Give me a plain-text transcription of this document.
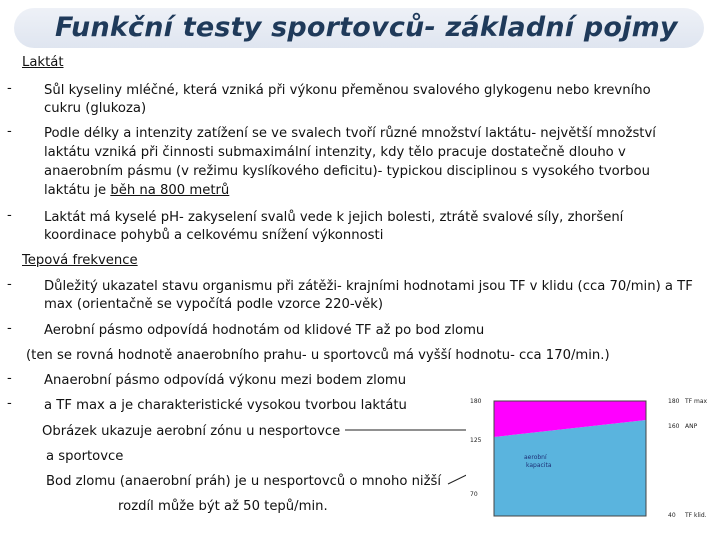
Funkční testy sportovců- základní pojmy
Laktát
- Sůl kyseliny mléčné, která vzniká při výkonu přeměnou svalového glykogenu nebo krevního
cukru (glukoza)
- Podle délky a intenzity zatížení se ve svalech tvoří různé množství laktátu- největší množství
laktátu vzniká při činnosti submaximální intenzity, kdy tělo pracuje dostatečně dlouho v
anaerobním pásmu (v režimu kyslíkového deficitu)- typickou disciplinou s vysokého tvorbou
laktátu je běh na 800 metrů
- Laktát má kyselé pH- zakyselení svalů vede k jejich bolesti, ztrátě svalové síly, zhoršení
koordinace pohybů a celkovému snížení výkonnosti
Tepová frekvence
- Důležitý ukazatel stavu organismu při zátěži- krajními hodnotami jsou TF v klidu (cca 70/min) a TF
max (orientačně se vypočítá podle vzorce 220-věk)
- Aerobní pásmo odpovídá hodnotám od klidové TF až po bod zlomu
(ten se rovná hodnotě anaerobního prahu- u sportovců má vyšší hodnotu- cca 170/min.)
- Anaerobní pásmo odpovídá výkonu mezi bodem zlomu
- a TF max a je charakteristické vysokou tvorbou laktátu
Obrázek ukazuje aerobní zónu u nesportovce
a sportovce
Bod zlomu (anaerobní práh) je u nesportovců o mnoho nižší
rozdíl může být až 50 tepů/min.
180
125
70
180
160
40
TF max
ANP
TF klid.
aerobní
kapacita
